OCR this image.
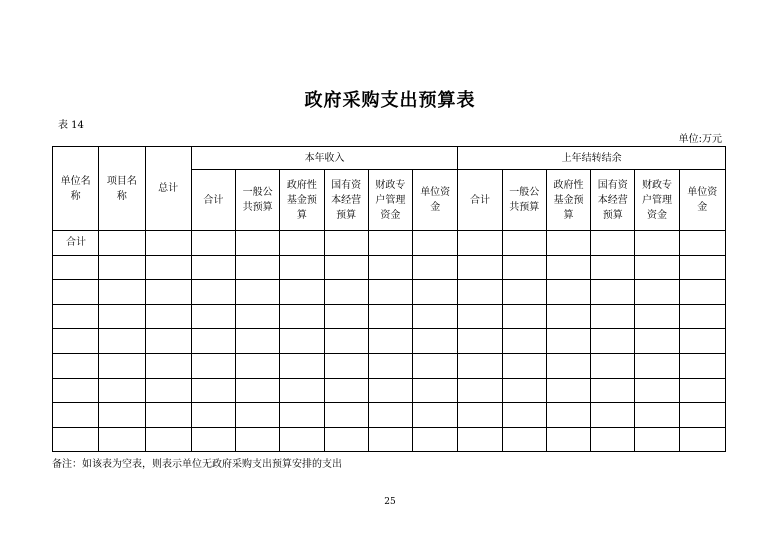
政府采购支出预算表
表 14
单位:万元
单位名称	项目名称	总计	本年收入						上年结转结余					

			合计	一般公共预算	政府性基金预算	国有资本经营预算	财政专户管理资金	单位资金	合计	一般公共预算	政府性基金预算	国有资本经营预算	财政专户管理资金	单位资金

合计														

备注：如该表为空表，则表示单位无政府采购支出预算安排的支出
25
